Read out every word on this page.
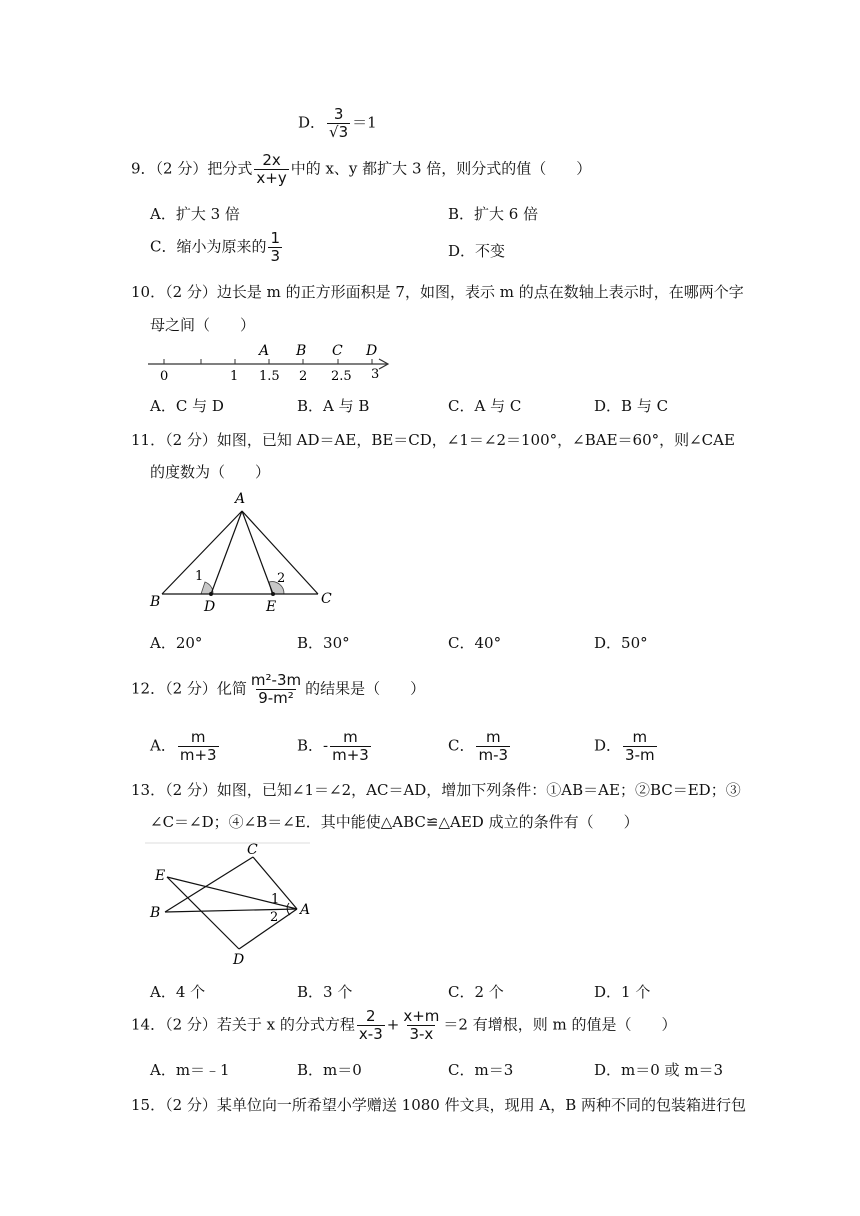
D． $\frac{3}{√3} =1$
9．（2 分）把分式 $\frac{2x}{x+y}$ 中的 x、y 都扩大 3 倍，则分式的值（　　）
A．扩大 3 倍	B．扩大 6 倍
C．缩小为原来的 $\frac{1}{3}$	D．不变
10．（2 分）边长是 m 的正方形面积是 7，如图，表示 m 的点在数轴上表示时，在哪两个字
母之间（　　）
A B C D
0	1 1.5 2 2.5 3
A．C 与 D	B．A 与 B	C．A 与 C	D．B 与 C
11．（2 分）如图，已知 AD＝AE，BE＝CD，∠1＝∠2＝100°，∠BAE＝60°，则∠CAE
的度数为（　　）
A
B	D	E	C
1	2
A．20°	B．30°	C．40°	D．50°
12．（2 分）化简 $\frac{\text{m²-3m}}{\text{9-m²}}$ 的结果是（　　）
A． $\frac{m}{m+3}$	B．- $\frac{m}{m+3}$	C． $\frac{m}{m-3}$	D． $\frac{m}{3-m}$
13．（2 分）如图，已知∠1＝∠2，AC＝AD，增加下列条件：①AB＝AE；②BC＝ED；③
∠C＝∠D；④∠B＝∠E．其中能使△ABC≌△AED 成立的条件有（　　）
C
E
B	A
D
1
2
A．4 个	B．3 个	C．2 个	D．1 个
14．（2 分）若关于 x 的分式方程 $\frac{2}{x-3} + \frac{x+m}{3-x} =2$ 有增根，则 m 的值是（　　）
A．m＝﹣1	B．m＝0	C．m＝3	D．m＝0 或 m＝3
15．（2 分）某单位向一所希望小学赠送 1080 件文具，现用 A，B 两种不同的包装箱进行包
